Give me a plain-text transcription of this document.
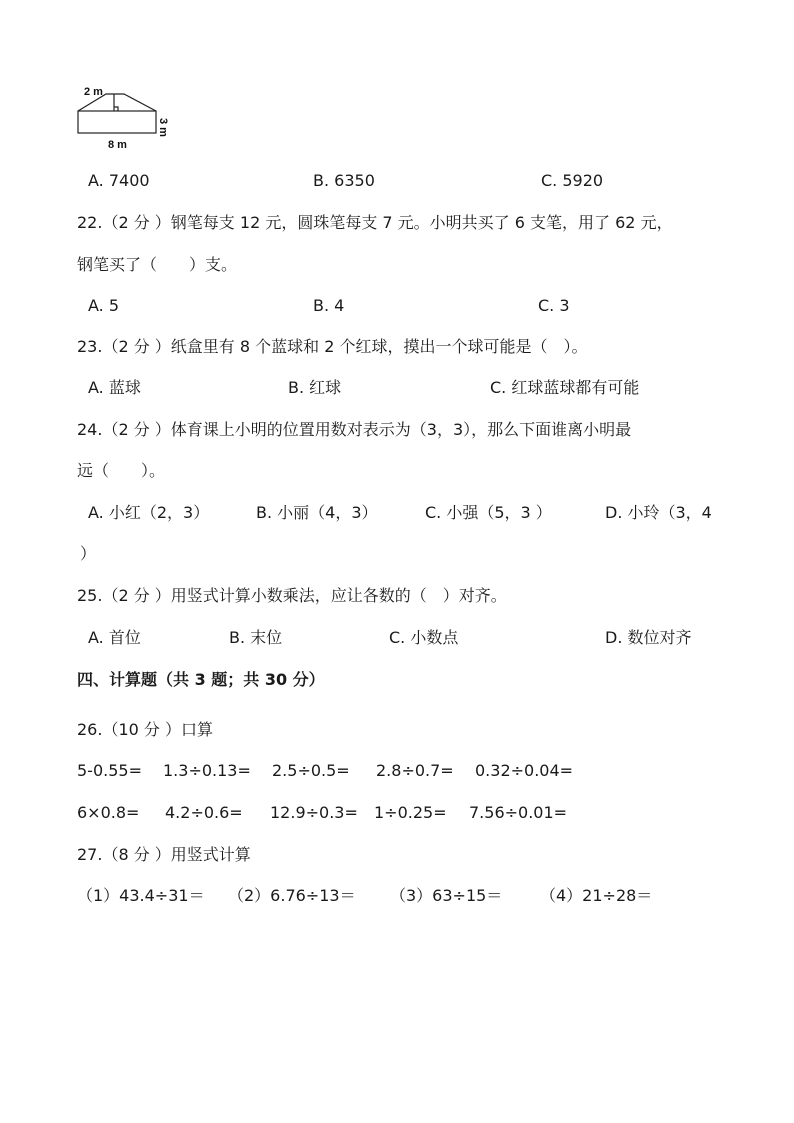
2 m
3 m
8 m
A. 7400	B. 6350	C. 5920
22.（2 分 ）钢笔每支 12 元，圆珠笔每支 7 元。小明共买了 6 支笔，用了 62 元，
钢笔买了（　　）支。
A. 5	B. 4	C. 3
23.（2 分 ）纸盒里有 8 个蓝球和 2 个红球，摸出一个球可能是（　）。
A. 蓝球	B. 红球	C. 红球蓝球都有可能
24.（2 分 ）体育课上小明的位置用数对表示为（3，3），那么下面谁离小明最
远（　　）。
A. 小红（2，3）	B. 小丽（4，3）	C. 小强（5，3 ）	D. 小玲（3，4
）
25.（2 分 ）用竖式计算小数乘法，应让各数的（　）对齐。
A. 首位	B. 末位	C. 小数点	D. 数位对齐
四、计算题（共 3 题；共 30 分）
26.（10 分 ）口算
5-0.55= 1.3÷0.13= 2.5÷0.5= 2.8÷0.7= 0.32÷0.04=
6×0.8= 4.2÷0.6= 12.9÷0.3= 1÷0.25= 7.56÷0.01=
27.（8 分 ）用竖式计算
（1）43.4÷31＝ （2）6.76÷13＝ （3）63÷15＝ （4）21÷28＝
